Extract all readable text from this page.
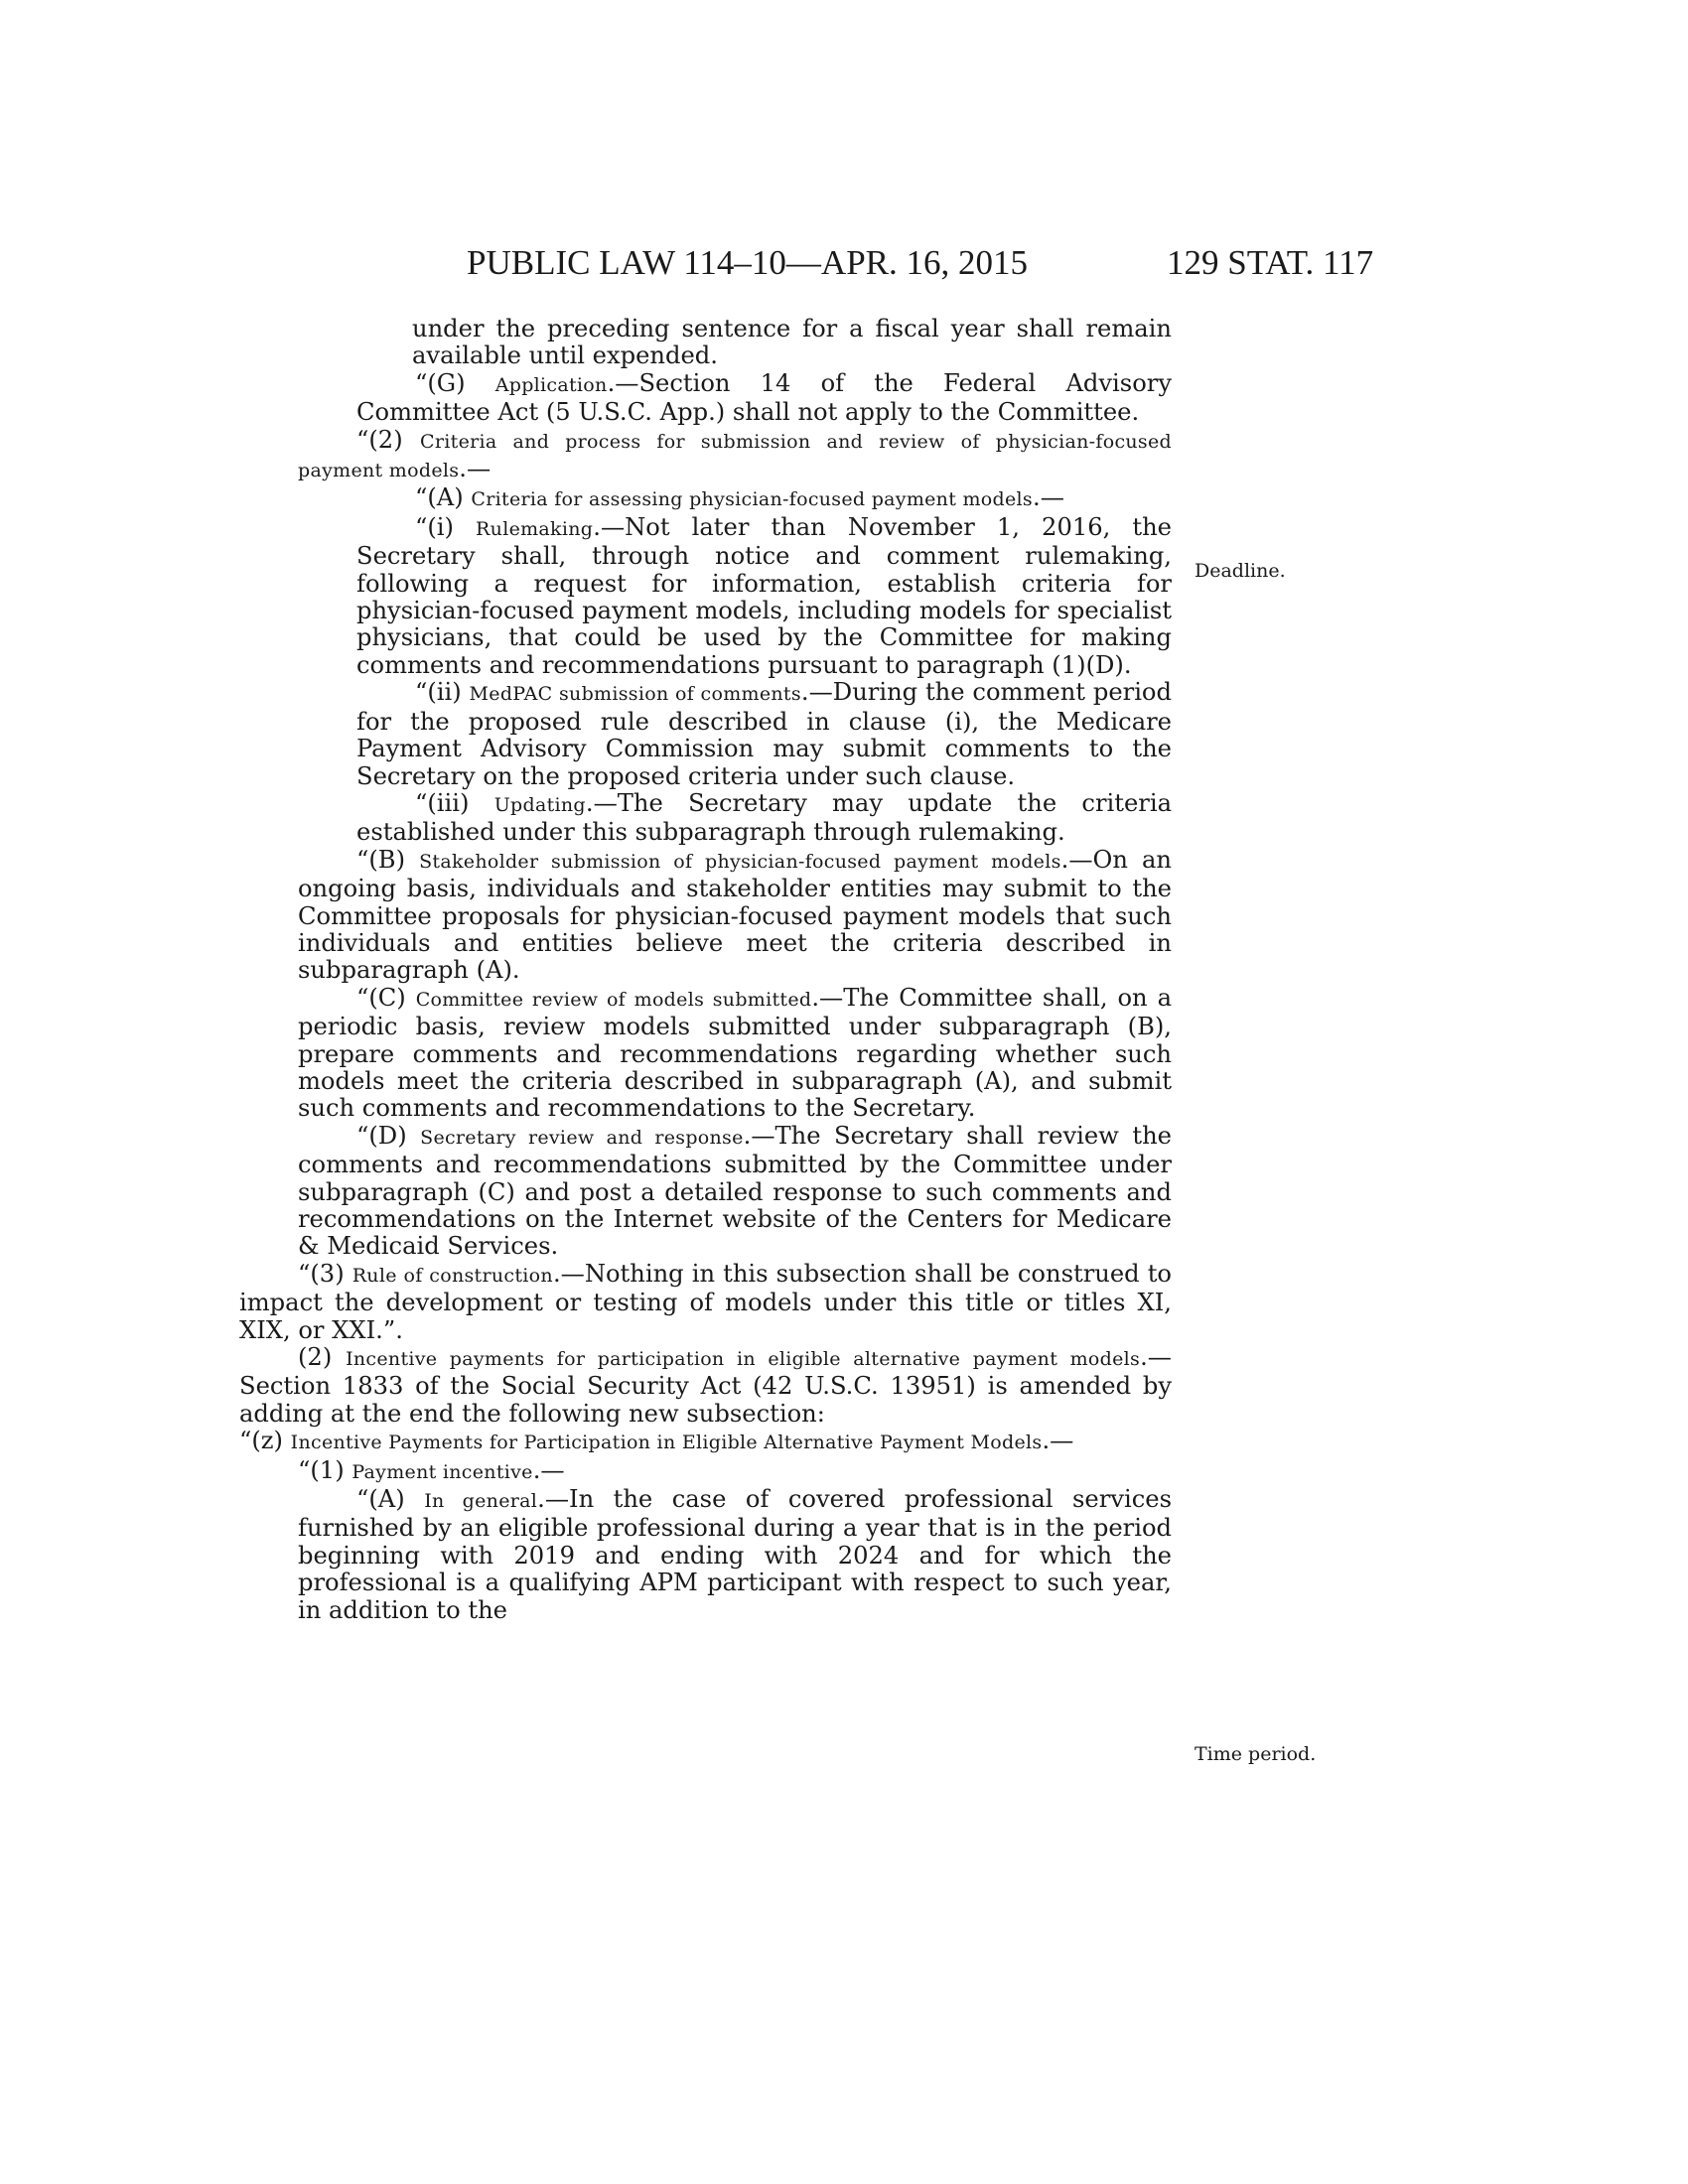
PUBLIC LAW 114–10—APR. 16, 2015	129 STAT. 117
Deadline.
Time period.

under the preceding sentence for a fiscal year shall remain available until expended.

“(G) Application.—Section 14 of the Federal Advisory Committee Act (5 U.S.C. App.) shall not apply to the Committee.

“(2) Criteria and process for submission and review of physician-focused payment models.—

“(A) Criteria for assessing physician-focused payment models.—

“(i) Rulemaking.—Not later than November 1, 2016, the Secretary shall, through notice and comment rulemaking, following a request for information, establish criteria for physician-focused payment models, including models for specialist physicians, that could be used by the Committee for making comments and recommendations pursuant to paragraph (1)(D).

“(ii) MedPAC submission of comments.—During the comment period for the proposed rule described in clause (i), the Medicare Payment Advisory Commission may submit comments to the Secretary on the proposed criteria under such clause.

“(iii) Updating.—The Secretary may update the criteria established under this subparagraph through rulemaking.

“(B) Stakeholder submission of physician-focused payment models.—On an ongoing basis, individuals and stakeholder entities may submit to the Committee proposals for physician-focused payment models that such individuals and entities believe meet the criteria described in subparagraph (A).

“(C) Committee review of models submitted.—The Committee shall, on a periodic basis, review models submitted under subparagraph (B), prepare comments and recommendations regarding whether such models meet the criteria described in subparagraph (A), and submit such comments and recommendations to the Secretary.

“(D) Secretary review and response.—The Secretary shall review the comments and recommendations submitted by the Committee under subparagraph (C) and post a detailed response to such comments and recommendations on the Internet website of the Centers for Medicare & Medicaid Services.

“(3) Rule of construction.—Nothing in this subsection shall be construed to impact the development or testing of models under this title or titles XI, XIX, or XXI.”.

(2) Incentive payments for participation in eligible alternative payment models.—Section 1833 of the Social Security Act (42 U.S.C. 13951) is amended by adding at the end the following new subsection:

“(z) Incentive Payments for Participation in Eligible Alternative Payment Models.—

“(1) Payment incentive.—

“(A) In general.—In the case of covered professional services furnished by an eligible professional during a year that is in the period beginning with 2019 and ending with 2024 and for which the professional is a qualifying APM participant with respect to such year, in addition to the
